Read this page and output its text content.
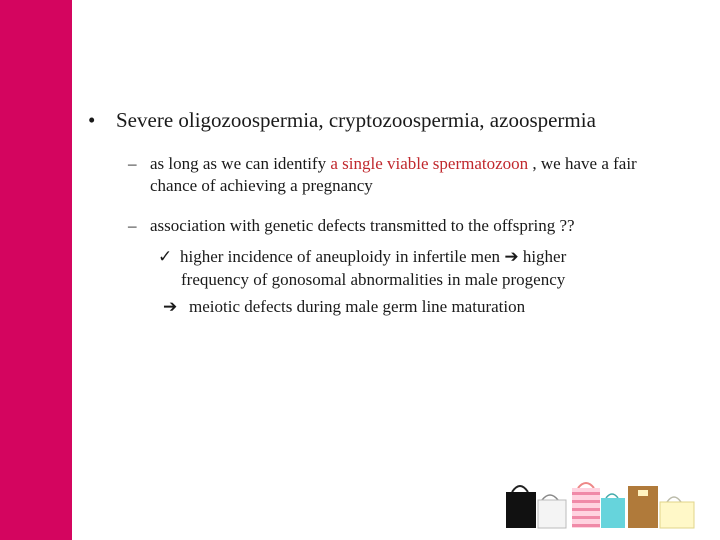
• Severe oligozoospermia, cryptozoospermia, azoospermia
– as long as we can identify a single viable spermatozoon , we have a fair chance of achieving a pregnancy
– association with genetic defects transmitted to the offspring ??
✓ higher incidence of aneuploidy in infertile men ➔ higher
frequency of gonosomal abnormalities in male progency
➔ meiotic defects during male germ line maturation
